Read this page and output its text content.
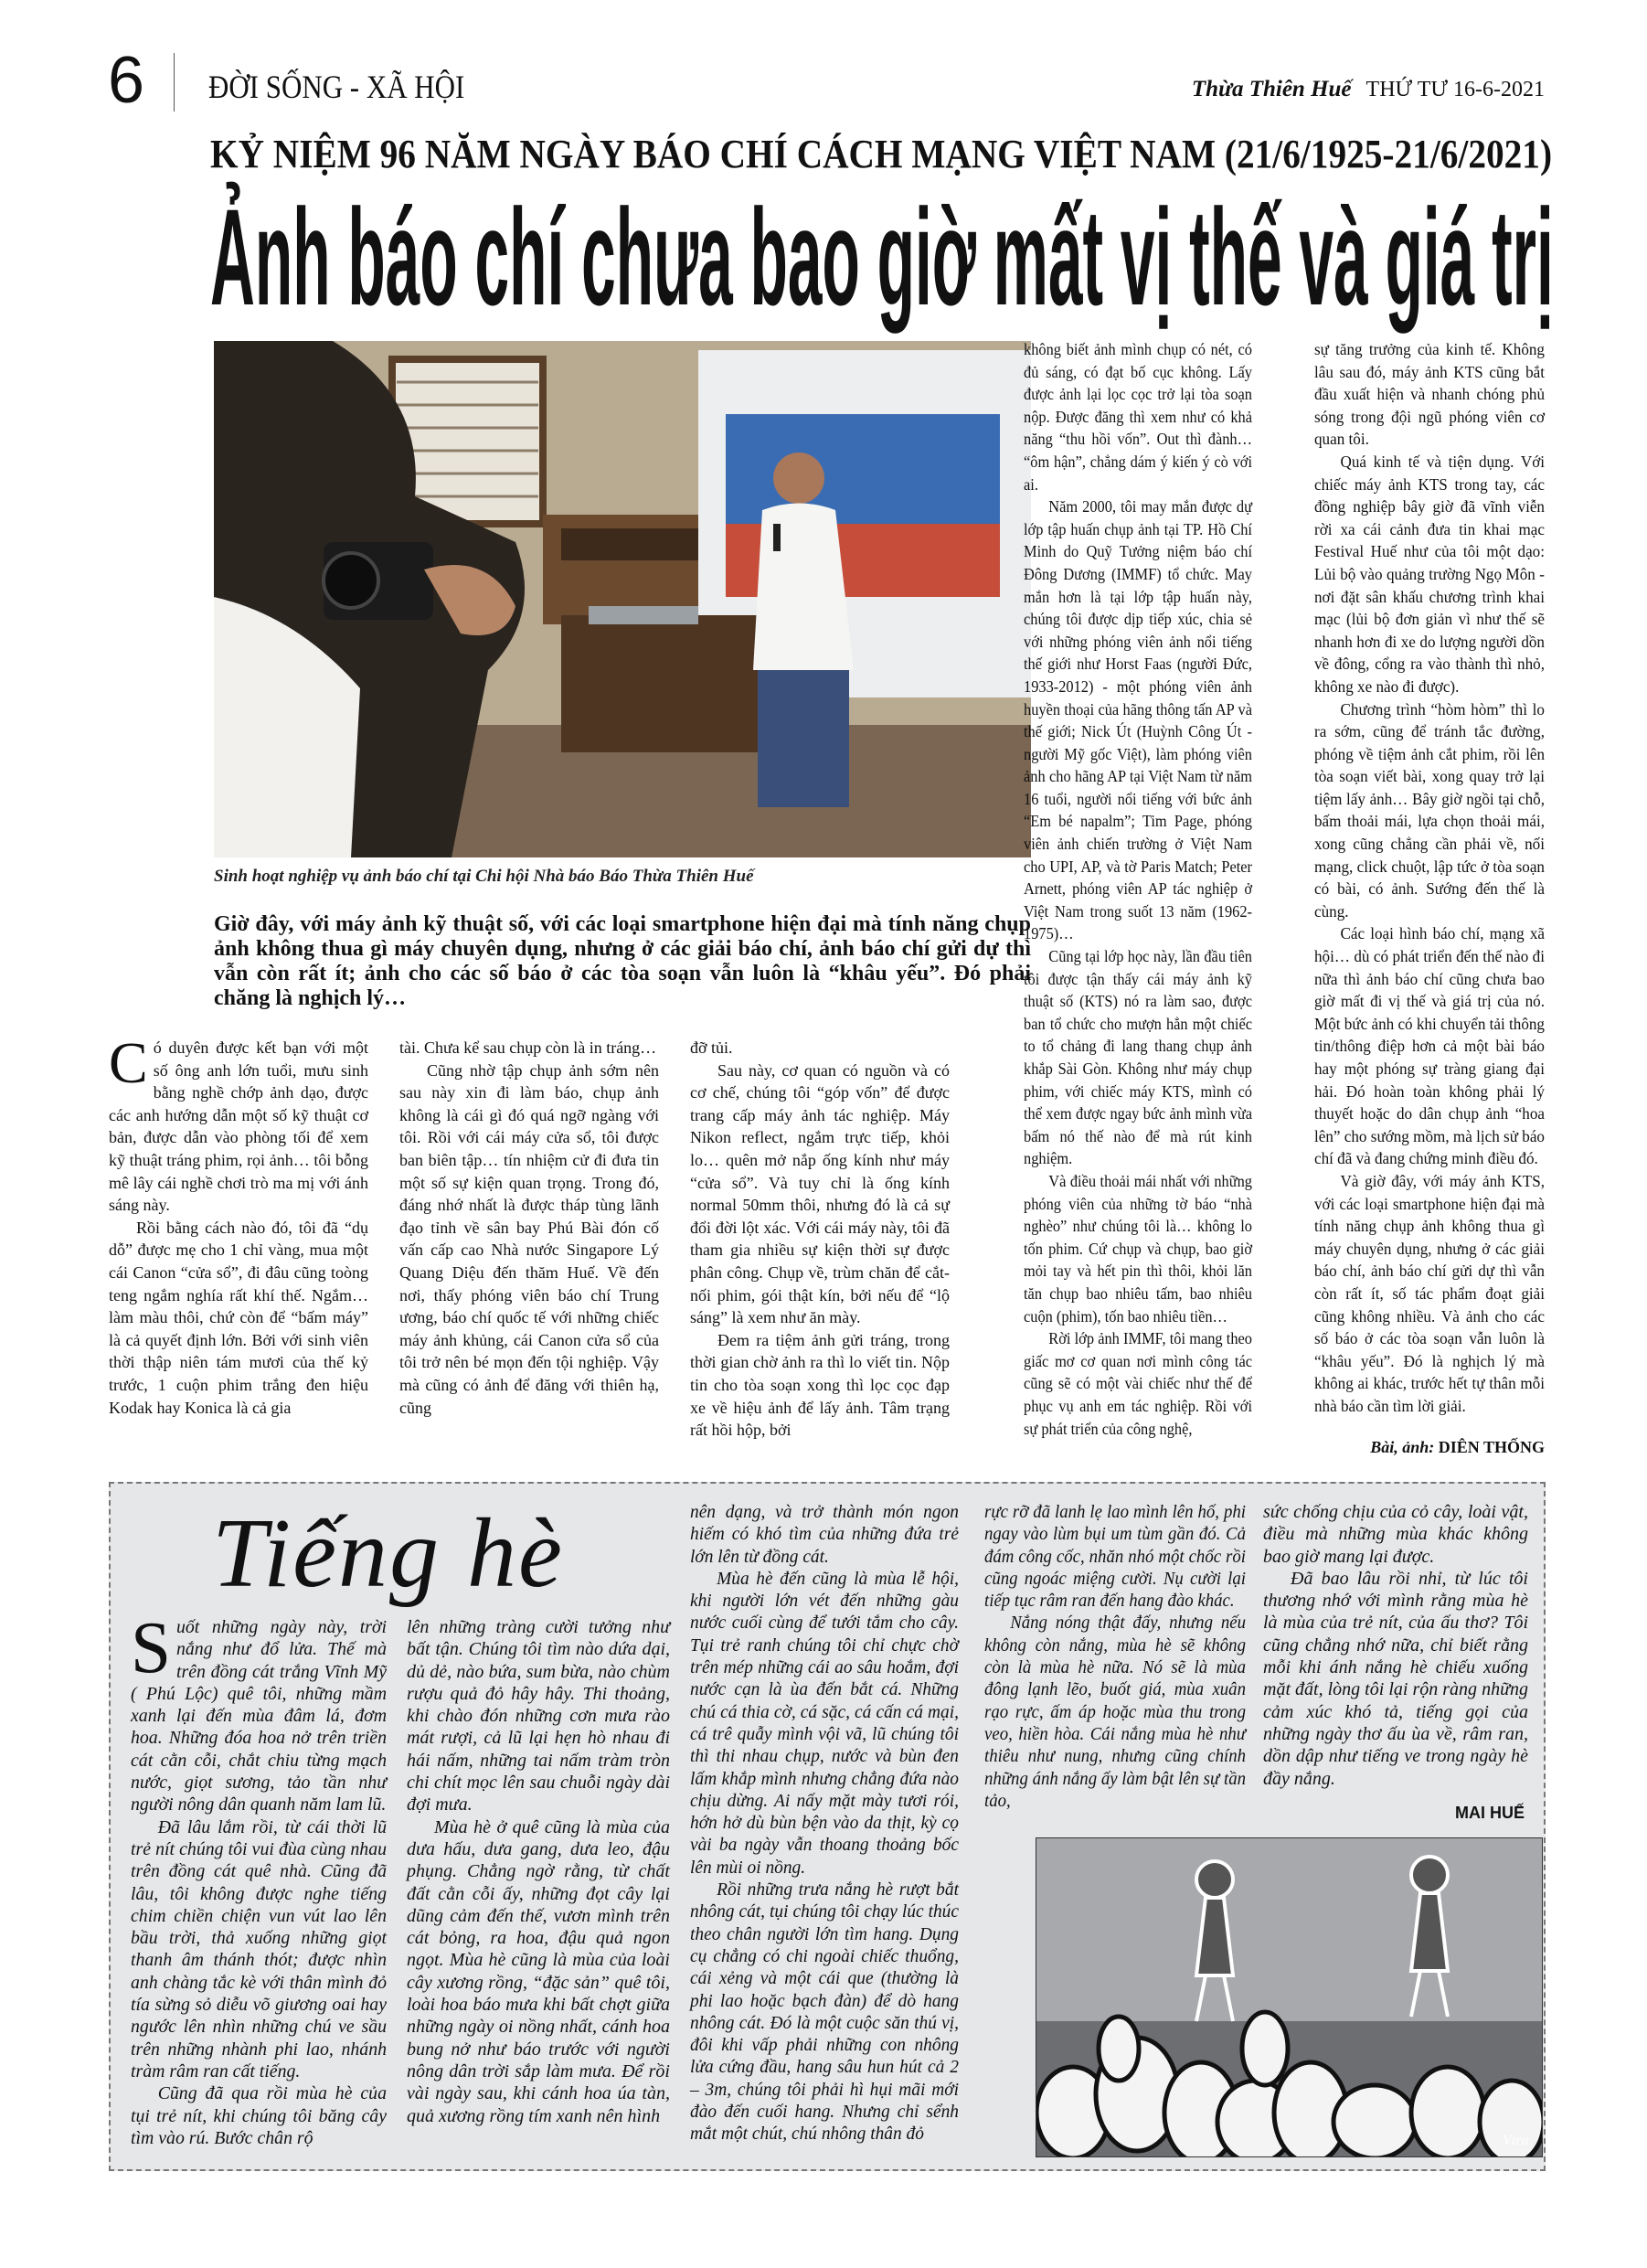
6 ĐỜI SỐNG - XÃ HỘI	Thừa Thiên Huế THỨ TƯ 16-6-2021
KỶ NIỆM 96 NĂM NGÀY BÁO CHÍ CÁCH MẠNG VIỆT NAM (21/6/1925-21/6/2021)
Ảnh báo chí chưa bao giờ mất vị thế và giá trị
Sinh hoạt nghiệp vụ ảnh báo chí tại Chi hội Nhà báo Báo Thừa Thiên Huế
Giờ đây, với máy ảnh kỹ thuật số, với các loại smartphone hiện đại mà tính năng chụp ảnh không thua gì máy chuyên dụng, nhưng ở các giải báo chí, ảnh báo chí gửi dự thì vẫn còn rất ít; ảnh cho các số báo ở các tòa soạn vẫn luôn là “khâu yếu”. Đó phải chăng là nghịch lý…

không biết ảnh mình chụp có nét, có đủ sáng, có đạt bố cục không. Lấy được ảnh lại lọc cọc trở lại tòa soạn nộp. Được đăng thì xem như có khả năng “thu hồi vốn”. Out thì đành… “ôm hận”, chẳng dám ý kiến ý cò với ai.

Năm 2000, tôi may mắn được dự lớp tập huấn chụp ảnh tại TP. Hồ Chí Minh do Quỹ Tưởng niệm báo chí Đông Dương (IMMF) tổ chức. May mắn hơn là tại lớp tập huấn này, chúng tôi được dịp tiếp xúc, chia sẻ với những phóng viên ảnh nổi tiếng thế giới như Horst Faas (người Đức, 1933-2012) - một phóng viên ảnh huyền thoại của hãng thông tấn AP và thế giới; Nick Út (Huỳnh Công Út - người Mỹ gốc Việt), làm phóng viên ảnh cho hãng AP tại Việt Nam từ năm 16 tuổi, người nổi tiếng với bức ảnh “Em bé napalm”; Tim Page, phóng viên ảnh chiến trường ở Việt Nam cho UPI, AP, và tờ Paris Match; Peter Arnett, phóng viên AP tác nghiệp ở Việt Nam trong suốt 13 năm (1962-1975)…

Cũng tại lớp học này, lần đầu tiên tôi được tận thấy cái máy ảnh kỹ thuật số (KTS) nó ra làm sao, được ban tổ chức cho mượn hẳn một chiếc to tổ chảng đi lang thang chụp ảnh khắp Sài Gòn. Không như máy chụp phim, với chiếc máy KTS, mình có thể xem được ngay bức ảnh mình vừa bấm nó thế nào để mà rút kinh nghiệm.

Và điều thoải mái nhất với những phóng viên của những tờ báo “nhà nghèo” như chúng tôi là… không lo tốn phim. Cứ chụp và chụp, bao giờ mỏi tay và hết pin thì thôi, khỏi lăn tăn chụp bao nhiêu tấm, bao nhiêu cuộn (phim), tốn bao nhiêu tiền…

Rời lớp ảnh IMMF, tôi mang theo giấc mơ cơ quan nơi mình công tác cũng sẽ có một vài chiếc như thế để phục vụ anh em tác nghiệp. Rồi với sự phát triển của công nghệ,

sự tăng trưởng của kinh tế. Không lâu sau đó, máy ảnh KTS cũng bắt đầu xuất hiện và nhanh chóng phủ sóng trong đội ngũ phóng viên cơ quan tôi.

Quá kinh tế và tiện dụng. Với chiếc máy ảnh KTS trong tay, các đồng nghiệp bây giờ đã vĩnh viễn rời xa cái cảnh đưa tin khai mạc Festival Huế như của tôi một dạo: Lủi bộ vào quảng trường Ngọ Môn - nơi đặt sân khấu chương trình khai mạc (lủi bộ đơn giản vì như thế sẽ nhanh hơn đi xe do lượng người dồn về đông, cổng ra vào thành thì nhỏ, không xe nào đi được).

Chương trình “hòm hòm” thì lo ra sớm, cũng để tránh tắc đường, phóng về tiệm ảnh cắt phim, rồi lên tòa soạn viết bài, xong quay trở lại tiệm lấy ảnh… Bây giờ ngồi tại chỗ, bấm thoải mái, lựa chọn thoải mái, xong cũng chẳng cần phải về, nối mạng, click chuột, lập tức ở tòa soạn có bài, có ảnh. Sướng đến thế là cùng.

Các loại hình báo chí, mạng xã hội… dù có phát triển đến thế nào đi nữa thì ảnh báo chí cũng chưa bao giờ mất đi vị thế và giá trị của nó. Một bức ảnh có khi chuyển tải thông tin/thông điệp hơn cả một bài báo hay một phóng sự tràng giang đại hải. Đó hoàn toàn không phải lý thuyết hoặc do dân chụp ảnh “hoa lên” cho sướng mồm, mà lịch sử báo chí đã và đang chứng minh điều đó.

Và giờ đây, với máy ảnh KTS, với các loại smartphone hiện đại mà tính năng chụp ảnh không thua gì máy chuyên dụng, nhưng ở các giải báo chí, ảnh báo chí gửi dự thì vẫn còn rất ít, số tác phẩm đoạt giải cũng không nhiều. Và ảnh cho các số báo ở các tòa soạn vẫn luôn là “khâu yếu”. Đó là nghịch lý mà không ai khác, trước hết tự thân mỗi nhà báo cần tìm lời giải.

Bài, ảnh: DIÊN THỐNG

Có duyên được kết bạn với một số ông anh lớn tuổi, mưu sinh bằng nghề chớp ảnh dạo, được các anh hướng dẫn một số kỹ thuật cơ bản, được dẫn vào phòng tối để xem kỹ thuật tráng phim, rọi ảnh… tôi bỗng mê lây cái nghề chơi trò ma mị với ánh sáng này.

Rồi bằng cách nào đó, tôi đã “dụ dỗ” được mẹ cho 1 chỉ vàng, mua một cái Canon “cửa sổ”, đi đâu cũng toòng teng ngắm nghía rất khí thế. Ngắm… làm màu thôi, chứ còn để “bấm máy” là cả quyết định lớn. Bởi với sinh viên thời thập niên tám mươi của thế kỷ trước, 1 cuộn phim trắng đen hiệu Kodak hay Konica là cả gia

tài. Chưa kể sau chụp còn là in tráng…

Cũng nhờ tập chụp ảnh sớm nên sau này xin đi làm báo, chụp ảnh không là cái gì đó quá ngỡ ngàng với tôi. Rồi với cái máy cửa sổ, tôi được ban biên tập… tín nhiệm cử đi đưa tin một số sự kiện quan trọng. Trong đó, đáng nhớ nhất là được tháp tùng lãnh đạo tỉnh về sân bay Phú Bài đón cố vấn cấp cao Nhà nước Singapore Lý Quang Diệu đến thăm Huế. Về đến nơi, thấy phóng viên báo chí Trung ương, báo chí quốc tế với những chiếc máy ảnh khủng, cái Canon cửa sổ của tôi trở nên bé mọn đến tội nghiệp. Vậy mà cũng có ảnh để đăng với thiên hạ, cũng

đỡ tủi.

Sau này, cơ quan có nguồn và có cơ chế, chúng tôi “góp vốn” để được trang cấp máy ảnh tác nghiệp. Máy Nikon reflect, ngắm trực tiếp, khỏi lo… quên mở nắp ống kính như máy “cửa sổ”. Và tuy chỉ là ống kính normal 50mm thôi, nhưng đó là cả sự đổi đời lột xác. Với cái máy này, tôi đã tham gia nhiều sự kiện thời sự được phân công. Chụp về, trùm chăn để cắt-nối phim, gói thật kín, bởi nếu để “lộ sáng” là xem như ăn mày.

Đem ra tiệm ảnh gửi tráng, trong thời gian chờ ảnh ra thì lo viết tin. Nộp tin cho tòa soạn xong thì lọc cọc đạp xe về hiệu ảnh để lấy ảnh. Tâm trạng rất hồi hộp, bởi

Tiếng hè

Suốt những ngày này, trời nắng như đổ lửa. Thế mà trên đồng cát trắng Vĩnh Mỹ ( Phú Lộc) quê tôi, những mầm xanh lại đến mùa đâm lá, đơm hoa. Những đóa hoa nở trên triền cát cằn cỗi, chắt chiu từng mạch nước, giọt sương, tảo tần như người nông dân quanh năm lam lũ.

Đã lâu lắm rồi, từ cái thời lũ trẻ nít chúng tôi vui đùa cùng nhau trên đồng cát quê nhà. Cũng đã lâu, tôi không được nghe tiếng chim chiền chiện vun vút lao lên bầu trời, thả xuống những giọt thanh âm thánh thót; được nhìn anh chàng tắc kè với thân mình đỏ tía sừng sỏ diễu võ giương oai hay ngước lên nhìn những chú ve sầu trên những nhành phi lao, nhánh tràm râm ran cất tiếng.

Cũng đã qua rồi mùa hè của tụi trẻ nít, khi chúng tôi băng cây tìm vào rú. Bước chân rộ

lên những tràng cười tưởng như bất tận. Chúng tôi tìm nào dứa dại, dủ dẻ, nào bứa, sum bừa, nào chùm rượu quả đỏ hây hây. Thi thoảng, khi chào đón những cơn mưa rào mát rượi, cả lũ lại hẹn hò nhau đi hái nấm, những tai nấm tràm tròn chi chít mọc lên sau chuỗi ngày dài đợi mưa.

Mùa hè ở quê cũng là mùa của dưa hấu, dưa gang, dưa leo, đậu phụng. Chẳng ngờ rằng, từ chất đất cằn cỗi ấy, những đọt cây lại dũng cảm đến thế, vươn mình trên cát bỏng, ra hoa, đậu quả ngon ngọt. Mùa hè cũng là mùa của loài cây xương rồng, “đặc sản” quê tôi, loài hoa báo mưa khi bất chợt giữa những ngày oi nồng nhất, cánh hoa bung nở như báo trước với người nông dân trời sắp làm mưa. Để rồi vài ngày sau, khi cánh hoa úa tàn, quả xương rồng tím xanh nên hình

nên dạng, và trở thành món ngon hiếm có khó tìm của những đứa trẻ lớn lên từ đồng cát.

Mùa hè đến cũng là mùa lễ hội, khi người lớn vét đến những gàu nước cuối cùng để tưới tắm cho cây. Tụi trẻ ranh chúng tôi chỉ chực chờ trên mép những cái ao sâu hoắm, đợi nước cạn là ùa đến bắt cá. Những chú cá thia cờ, cá sặc, cá cấn cá mại, cá trê quẫy mình vội vã, lũ chúng tôi thì thi nhau chụp, nước và bùn đen lấm khắp mình nhưng chẳng đứa nào chịu dừng. Ai nấy mặt mày tươi rói, hớn hở dù bùn bện vào da thịt, kỳ cọ vài ba ngày vẫn thoang thoảng bốc lên mùi oi nồng.

Rồi những trưa nắng hè rượt bắt nhông cát, tụi chúng tôi chạy lúc thúc theo chân người lớn tìm hang. Dụng cụ chẳng có chi ngoài chiếc thuổng, cái xẻng và một cái que (thường là phi lao hoặc bạch đàn) để dò hang nhông cát. Đó là một cuộc săn thú vị, đôi khi vấp phải những con nhông lửa cứng đầu, hang sâu hun hút cả 2 – 3m, chúng tôi phải hì hụi mãi mới đào đến cuối hang. Nhưng chỉ sểnh mắt một chút, chú nhông thân đỏ

rực rỡ đã lanh lẹ lao mình lên hố, phi ngay vào lùm bụi um tùm gần đó. Cả đám công cốc, nhăn nhó một chốc rồi cũng ngoác miệng cười. Nụ cười lại tiếp tục râm ran đến hang đào khác.

Nắng nóng thật đấy, nhưng nếu không còn nắng, mùa hè sẽ không còn là mùa hè nữa. Nó sẽ là mùa đông lạnh lẽo, buốt giá, mùa xuân rạo rực, ấm áp hoặc mùa thu trong veo, hiền hòa. Cái nắng mùa hè như thiêu như nung, nhưng cũng chính những ánh nắng ấy làm bật lên sự tần tảo,

sức chống chịu của cỏ cây, loài vật, điều mà những mùa khác không bao giờ mang lại được.

Đã bao lâu rồi nhỉ, từ lúc tôi thương nhớ với mình rằng mùa hè là mùa của trẻ nít, của ấu thơ? Tôi cũng chẳng nhớ nữa, chỉ biết rằng mỗi khi ánh nắng hè chiếu xuống mặt đất, lòng tôi lại rộn ràng những cảm xúc khó tả, tiếng gọi của những ngày thơ ấu ùa về, râm ran, dồn dập như tiếng ve trong ngày hè đầy nắng.

MAI HUẾ
Vtra
